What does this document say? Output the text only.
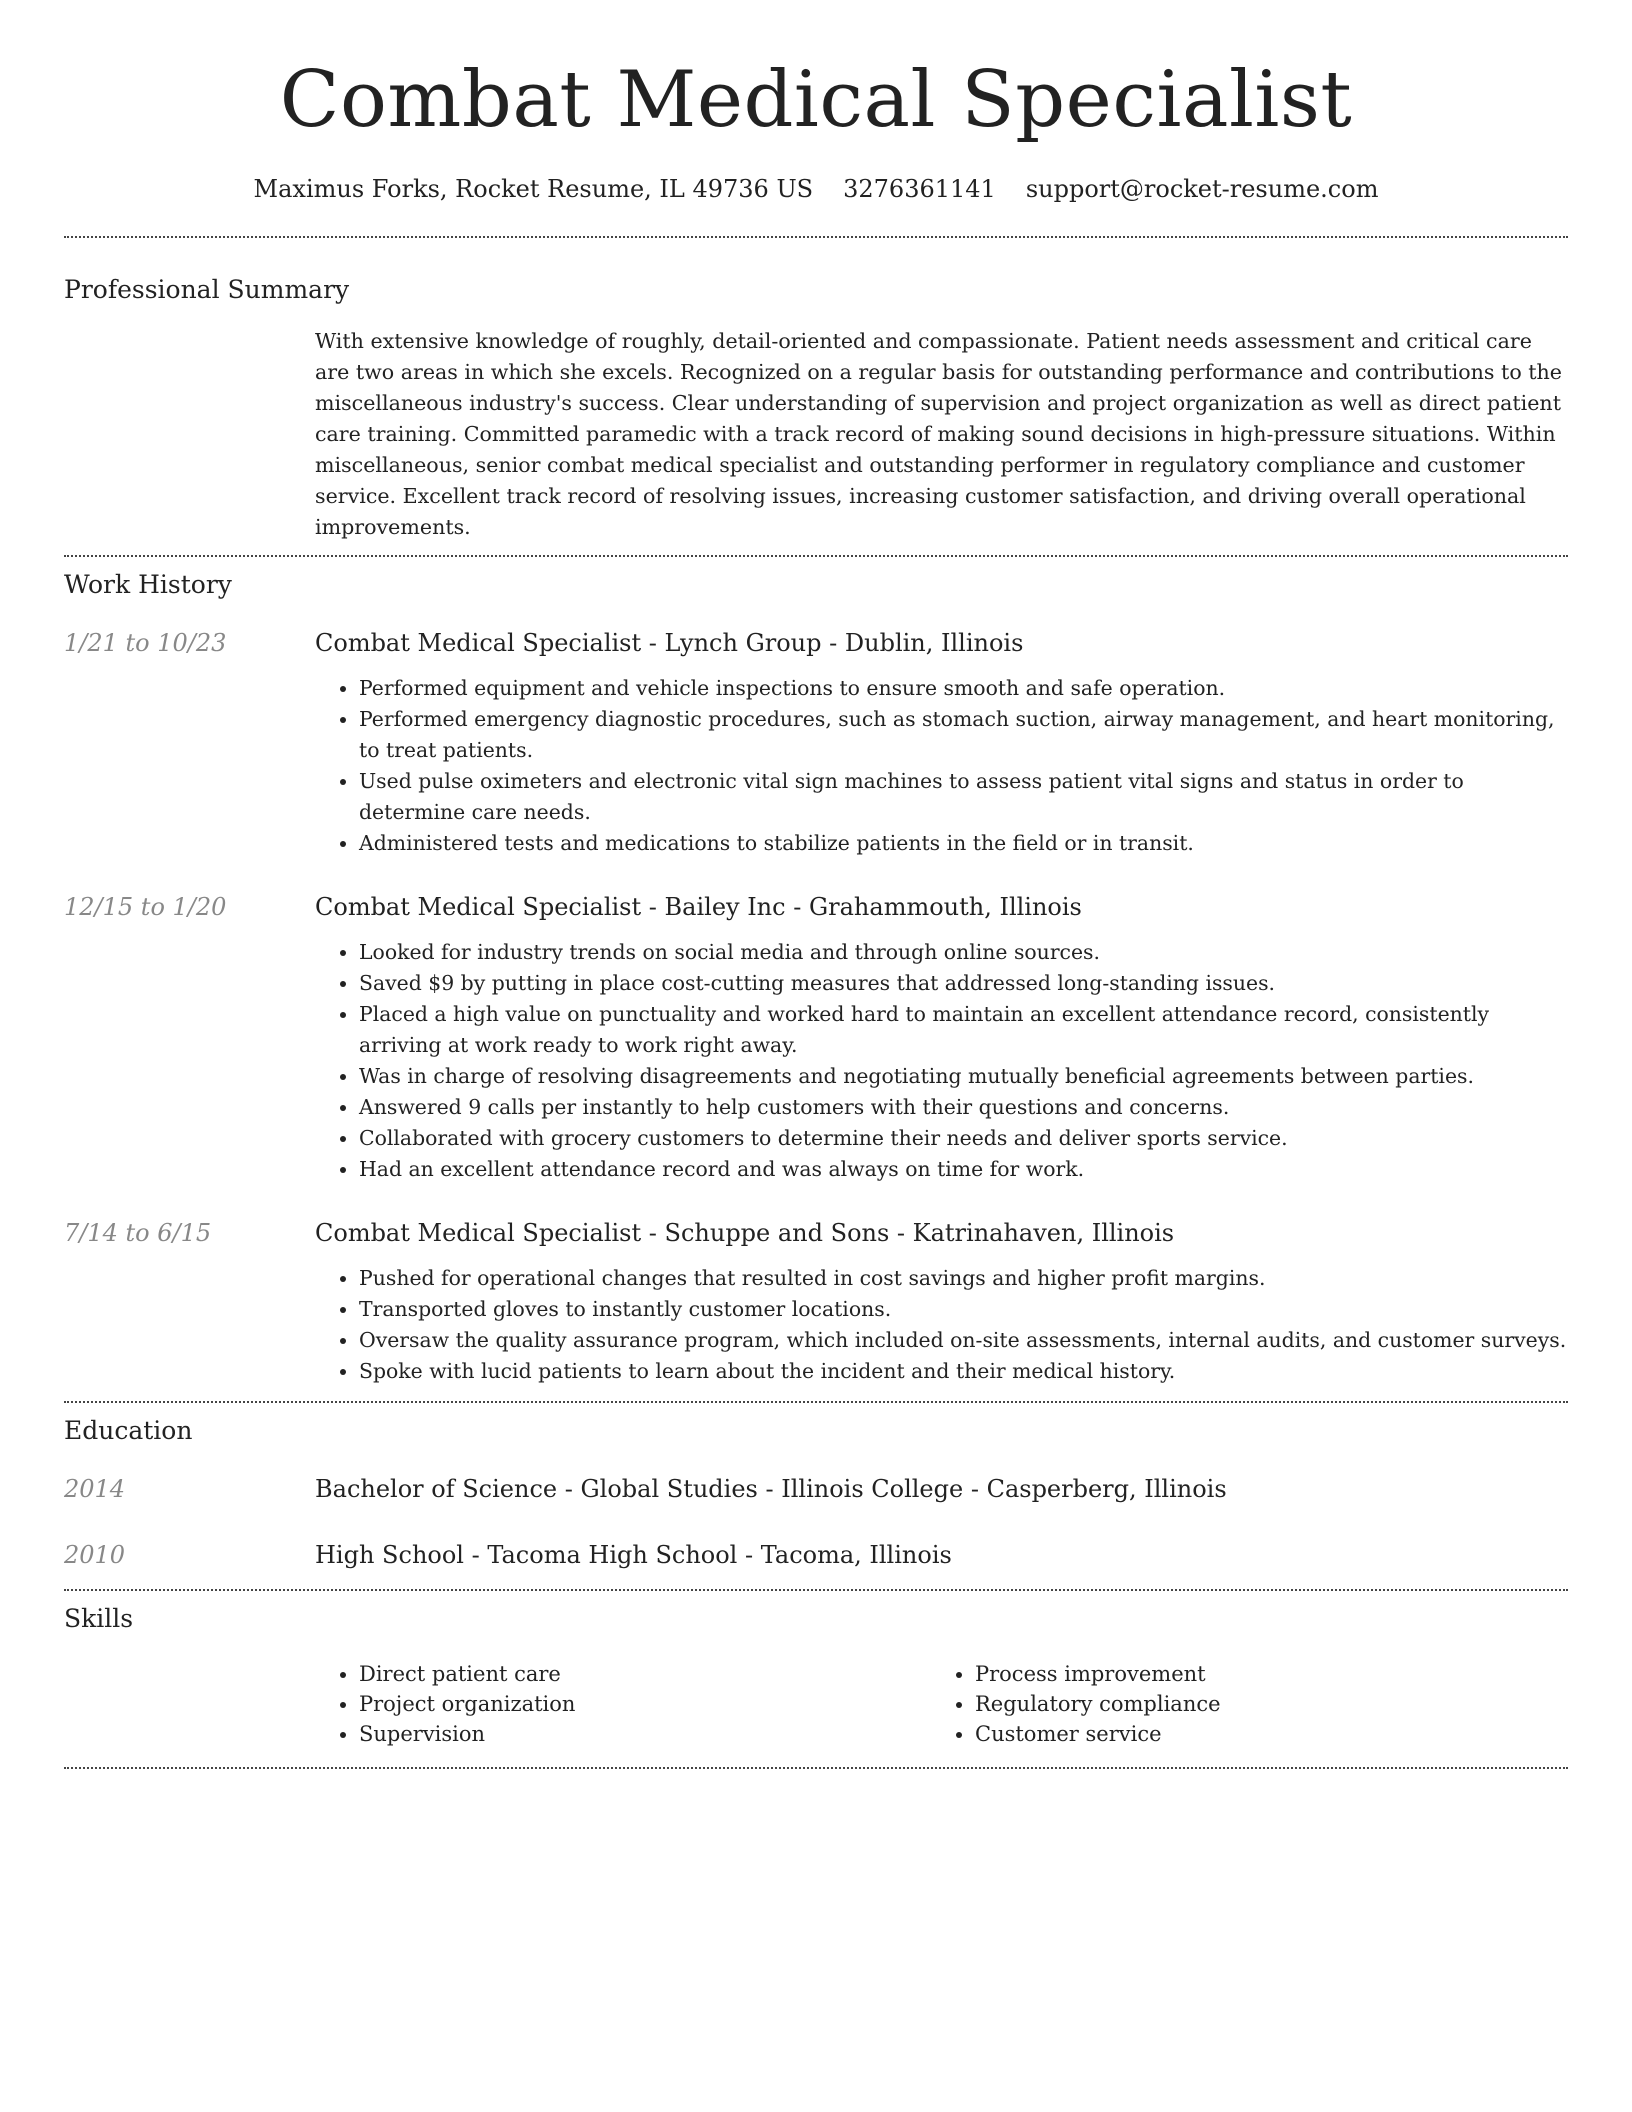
Combat Medical Specialist
Maximus Forks, Rocket Resume, IL 49736 US 3276361141 support@rocket-resume.com
Professional Summary

With extensive knowledge of roughly, detail-oriented and compassionate. Patient needs assessment and critical care are two areas in which she excels. Recognized on a regular basis for outstanding performance and contributions to the miscellaneous industry's success. Clear understanding of supervision and project organization as well as direct patient care training. Committed paramedic with a track record of making sound decisions in high-pressure situations. Within miscellaneous, senior combat medical specialist and outstanding performer in regulatory compliance and customer service. Excellent track record of resolving issues, increasing customer satisfaction, and driving overall operational improvements.

Work History
1/21 to 10/23	Combat Medical Specialist - Lynch Group - Dublin, Illinois
• Performed equipment and vehicle inspections to ensure smooth and safe operation.
• Performed emergency diagnostic procedures, such as stomach suction, airway management, and heart monitoring, to treat patients.
• Used pulse oximeters and electronic vital sign machines to assess patient vital signs and status in order to determine care needs.
• Administered tests and medications to stabilize patients in the field or in transit.
12/15 to 1/20	Combat Medical Specialist - Bailey Inc - Grahammouth, Illinois
• Looked for industry trends on social media and through online sources.
• Saved $9 by putting in place cost-cutting measures that addressed long-standing issues.
• Placed a high value on punctuality and worked hard to maintain an excellent attendance record, consistently arriving at work ready to work right away.
• Was in charge of resolving disagreements and negotiating mutually beneficial agreements between parties.
• Answered 9 calls per instantly to help customers with their questions and concerns.
• Collaborated with grocery customers to determine their needs and deliver sports service.
• Had an excellent attendance record and was always on time for work.
7/14 to 6/15	Combat Medical Specialist - Schuppe and Sons - Katrinahaven, Illinois
• Pushed for operational changes that resulted in cost savings and higher profit margins.
• Transported gloves to instantly customer locations.
• Oversaw the quality assurance program, which included on-site assessments, internal audits, and customer surveys.
• Spoke with lucid patients to learn about the incident and their medical history.
Education
2014	Bachelor of Science - Global Studies - Illinois College - Casperberg, Illinois
2010	High School - Tacoma High School - Tacoma, Illinois
Skills
• Direct patient care
• Project organization
• Supervision
• Process improvement
• Regulatory compliance
• Customer service
